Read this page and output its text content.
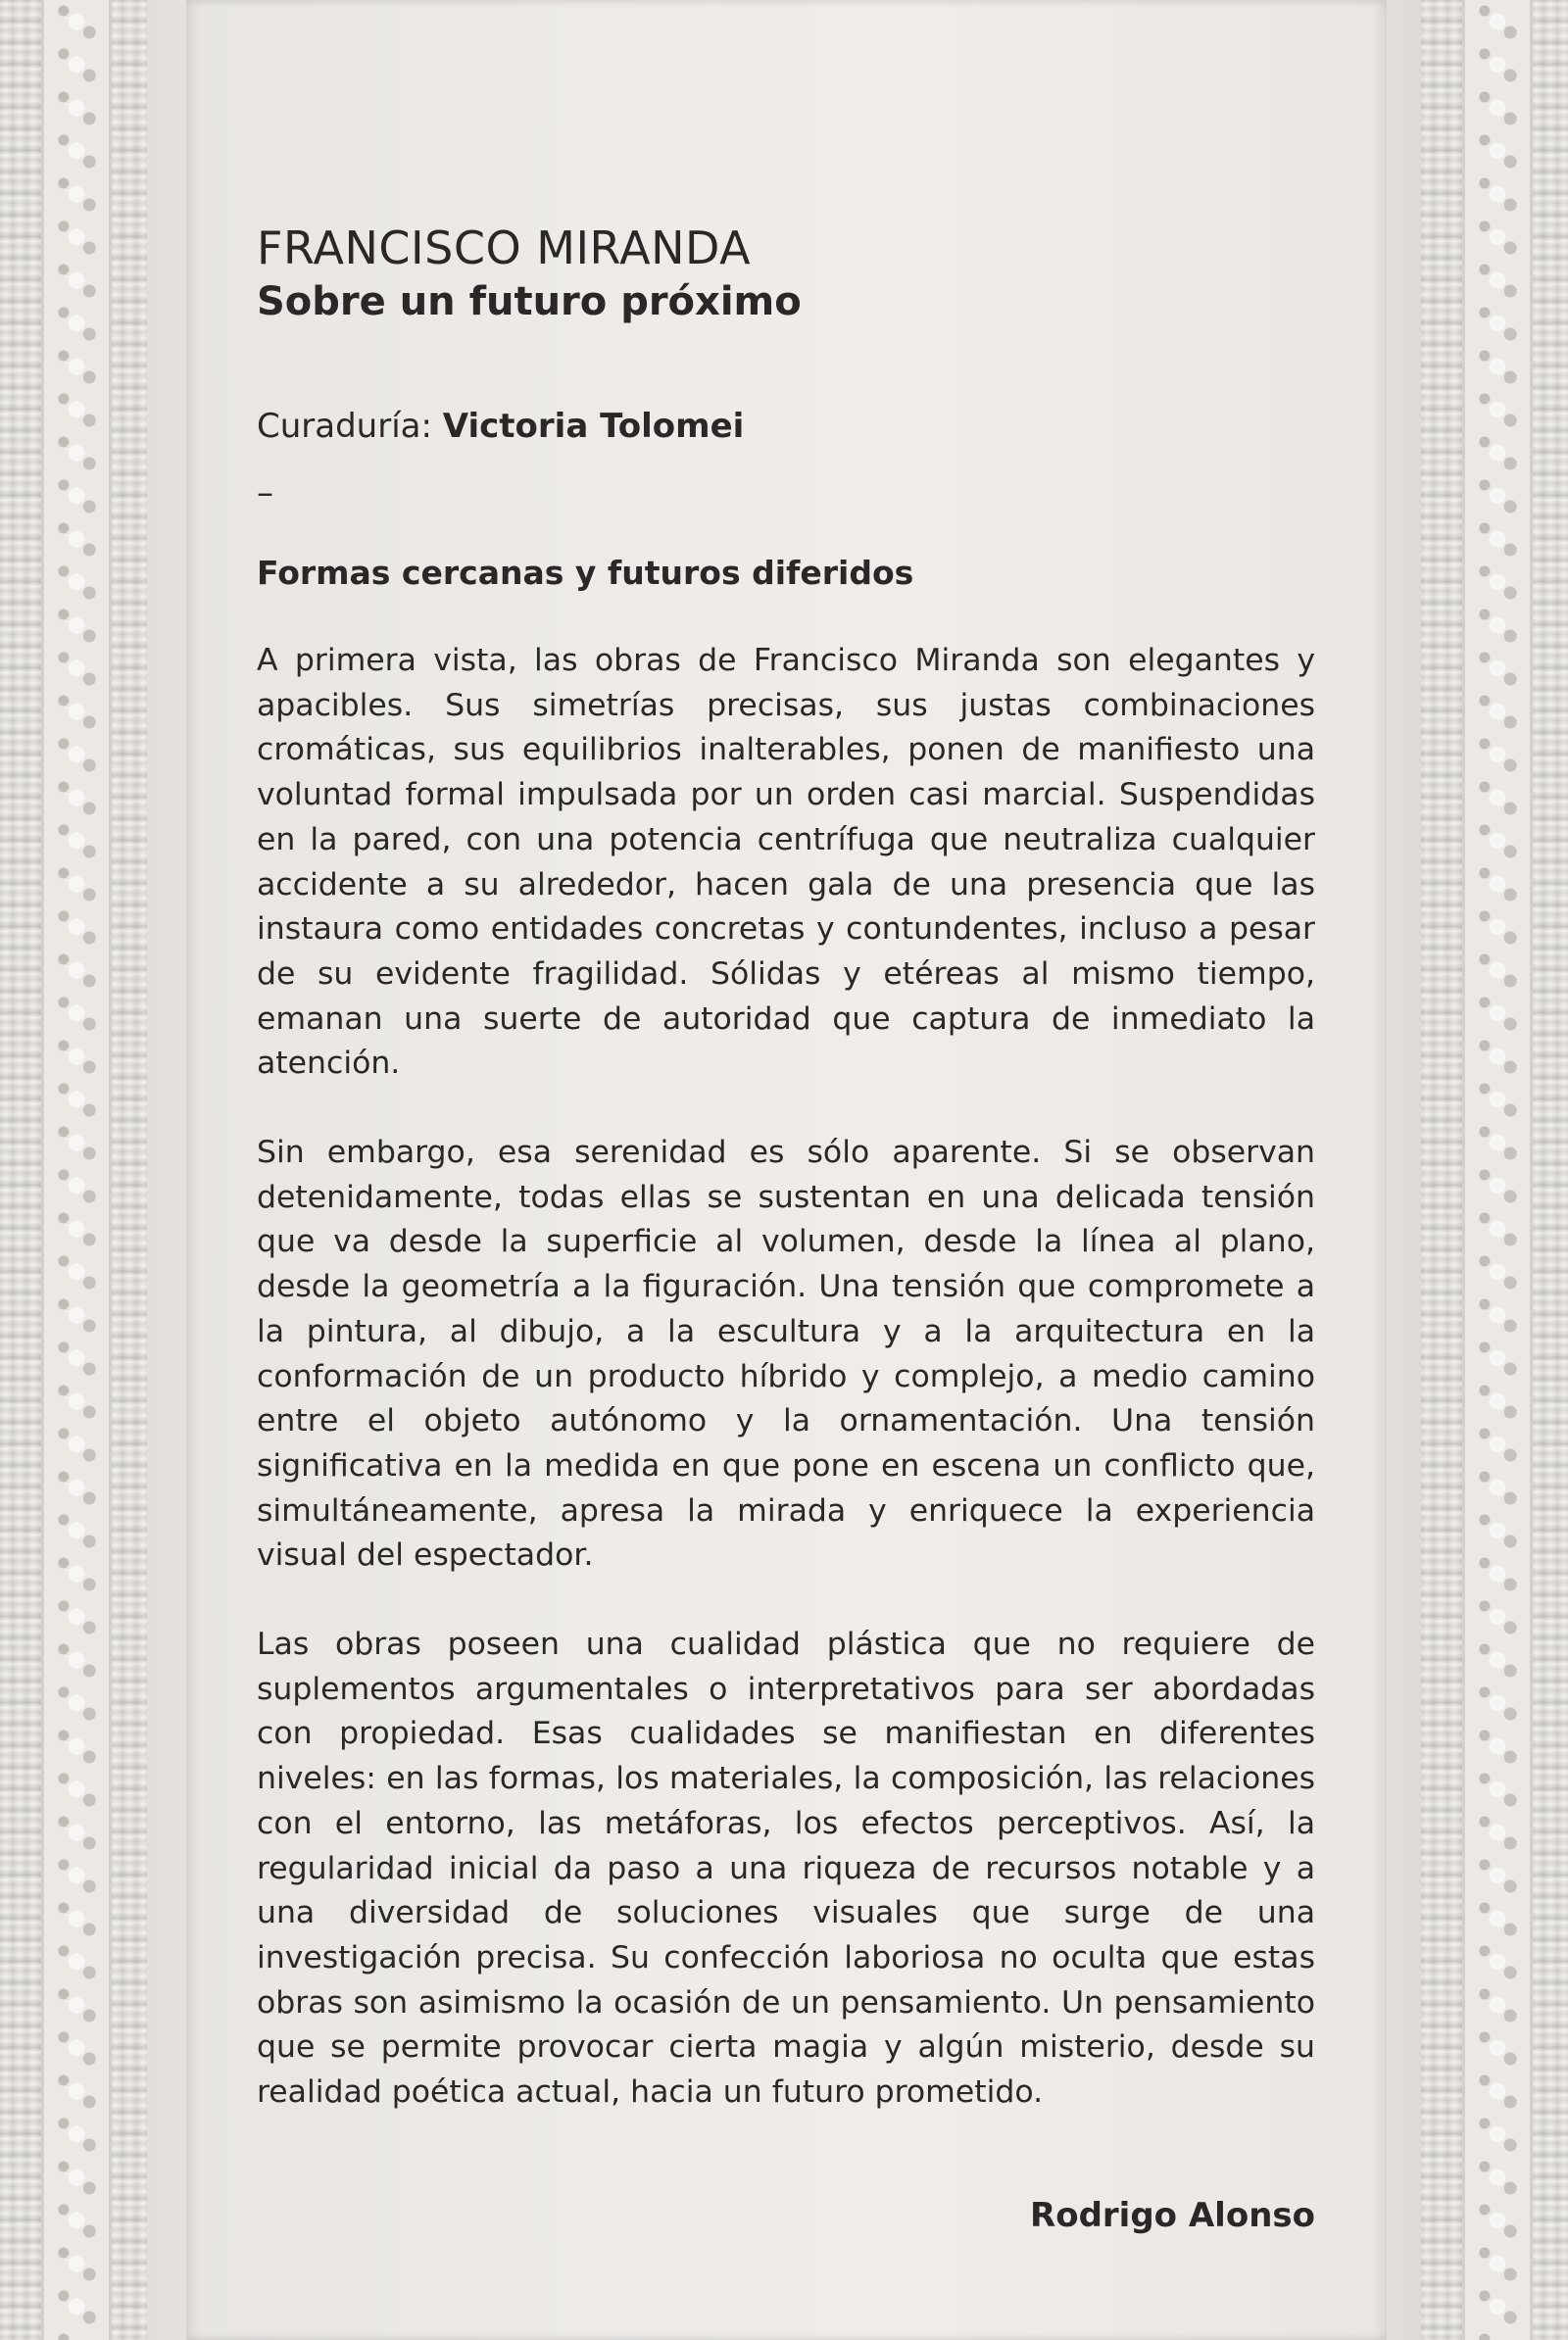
FRANCISCO MIRANDA
Sobre un futuro próximo
Curaduría: Victoria Tolomei
–
Formas cercanas y futuros diferidos

A primera vista, las obras de Francisco Miranda son elegantes y apacibles. Sus simetrías precisas, sus justas combinaciones cromáticas, sus equilibrios inalterables, ponen de manifiesto una voluntad formal impulsada por un orden casi marcial. Suspendidas en la pared, con una potencia centrífuga que neutraliza cualquier accidente a su alrededor, hacen gala de una presencia que las instaura como entidades concretas y contundentes, incluso a pesar de su evidente fragilidad. Sólidas y etéreas al mismo tiempo, emanan una suerte de autoridad que captura de inmediato la atención.

Sin embargo, esa serenidad es sólo aparente. Si se observan detenidamente, todas ellas se sustentan en una delicada tensión que va desde la superficie al volumen, desde la línea al plano, desde la geometría a la figuración. Una tensión que compromete a la pintura, al dibujo, a la escultura y a la arquitectura en la conformación de un producto híbrido y complejo, a medio camino entre el objeto autónomo y la ornamentación. Una tensión significativa en la medida en que pone en escena un conflicto que, simultáneamente, apresa la mirada y enriquece la experiencia visual del espectador.

Las obras poseen una cualidad plástica que no requiere de suplementos argumentales o interpretativos para ser abordadas con propiedad. Esas cualidades se manifiestan en diferentes niveles: en las formas, los materiales, la composición, las relaciones con el entorno, las metáforas, los efectos perceptivos. Así, la regularidad inicial da paso a una riqueza de recursos notable y a una diversidad de soluciones visuales que surge de una investigación precisa. Su confección laboriosa no oculta que estas obras son asimismo la ocasión de un pensamiento. Un pensamiento que se permite provocar cierta magia y algún misterio, desde su realidad poética actual, hacia un futuro prometido.

Rodrigo Alonso
